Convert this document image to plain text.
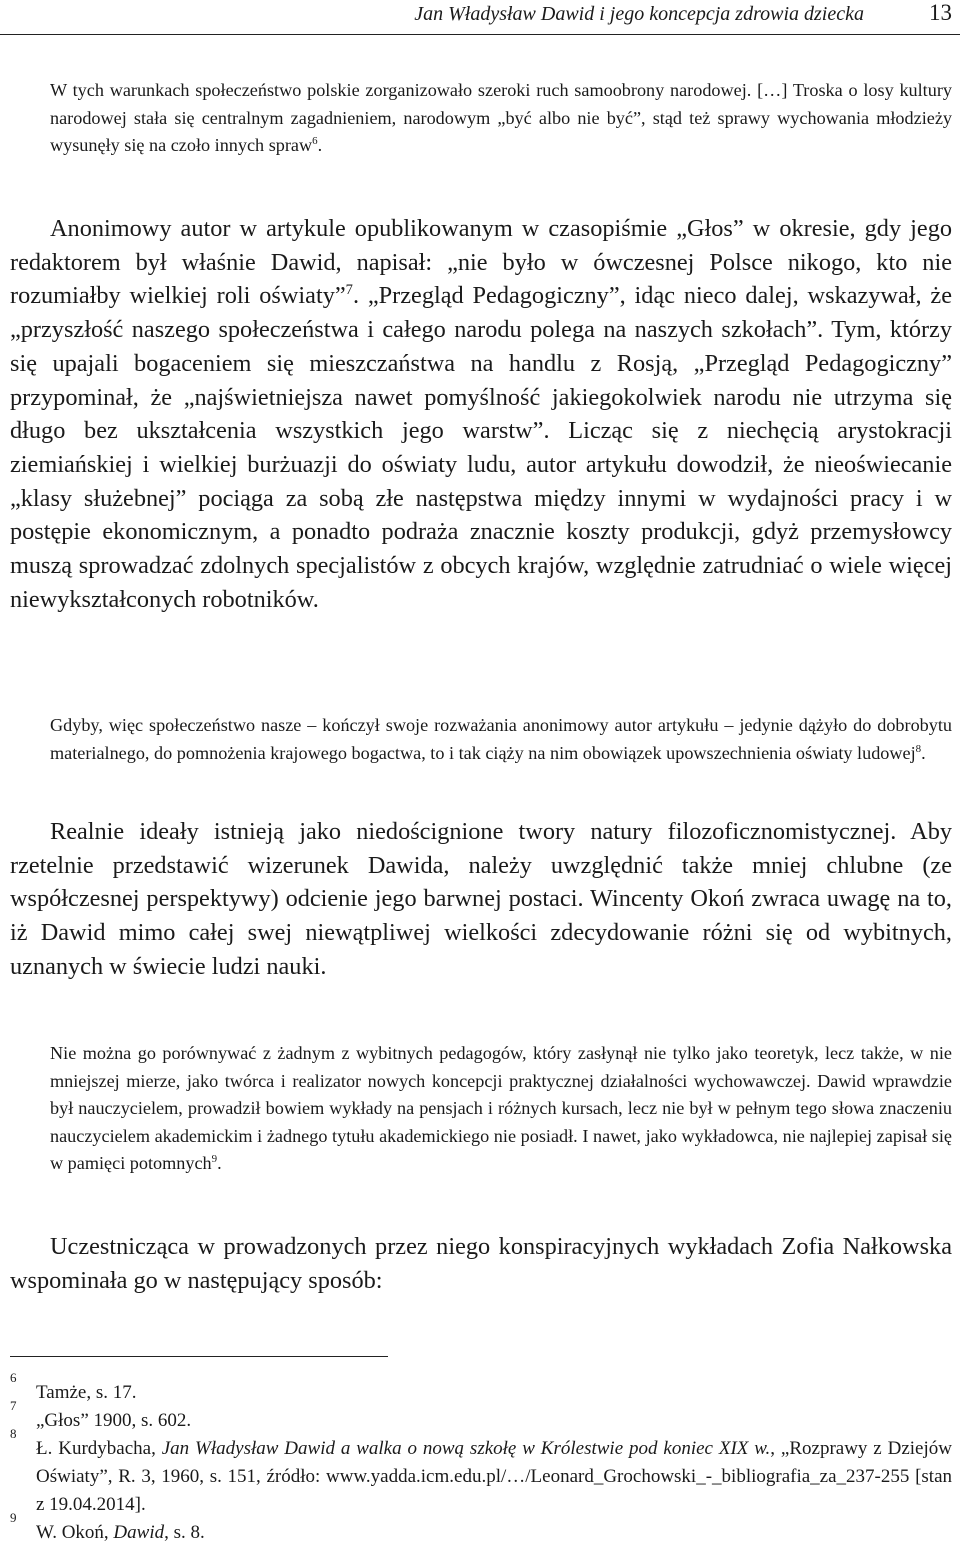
Jan Władysław Dawid i jego koncepcja zdrowia dziecka	13
W tych warunkach społeczeństwo polskie zorganizowało szeroki ruch samoobrony narodowej. […] Troska o losy kultury narodowej stała się centralnym zagadnieniem, narodowym „być albo nie być”, stąd też sprawy wychowania młodzieży wysunęły się na czoło innych spraw$^6$.
Anonimowy autor w artykule opublikowanym w czasopiśmie „Głos” w okresie, gdy jego redaktorem był właśnie Dawid, napisał: „nie było w ówczesnej Polsce nikogo, kto nie rozumiałby wielkiej roli oświaty”$^7$. „Przegląd Pedagogiczny”, idąc nieco dalej, wskazywał, że „przyszłość naszego społeczeństwa i całego narodu polega na naszych szkołach”. Tym, którzy się upajali bogaceniem się mieszczaństwa na handlu z Rosją, „Przegląd Pedagogiczny” przypominał, że „najświetniejsza nawet pomyślność jakiegokolwiek narodu nie utrzyma się długo bez ukształcenia wszystkich jego warstw”. Licząc się z niechęcią arystokracji ziemiańskiej i wielkiej burżuazji do oświaty ludu, autor artykułu dowodził, że nieoświecanie „klasy służebnej” pociąga za sobą złe następstwa między innymi w wydajności pracy i w postępie ekonomicznym, a ponadto podraża znacznie koszty produkcji, gdyż przemysłowcy muszą sprowadzać zdolnych specjalistów z obcych krajów, względnie zatrudniać o wiele więcej niewykształconych robotników.
Gdyby, więc społeczeństwo nasze – kończył swoje rozważania anonimowy autor artykułu – jedynie dążyło do dobrobytu materialnego, do pomnożenia krajowego bogactwa, to i tak ciąży na nim obowiązek upowszechnienia oświaty ludowej$^8$.
Realnie ideały istnieją jako niedoścignione twory natury filozoficznomistycznej. Aby rzetelnie przedstawić wizerunek Dawida, należy uwzględnić także mniej chlubne (ze współczesnej perspektywy) odcienie jego barwnej postaci. Wincenty Okoń zwraca uwagę na to, iż Dawid mimo całej swej niewątpliwej wielkości zdecydowanie różni się od wybitnych, uznanych w świecie ludzi nauki.
Nie można go porównywać z żadnym z wybitnych pedagogów, który zasłynął nie tylko jako teoretyk, lecz także, w nie mniejszej mierze, jako twórca i realizator nowych koncepcji praktycznej działalności wychowawczej. Dawid wprawdzie był nauczycielem, prowadził bowiem wykłady na pensjach i różnych kursach, lecz nie był w pełnym tego słowa znaczeniu nauczycielem akademickim i żadnego tytułu akademickiego nie posiadł. I nawet, jako wykładowca, nie najlepiej zapisał się w pamięci potomnych$^9$.
Uczestnicząca w prowadzonych przez niego konspiracyjnych wykładach Zofia Nałkowska wspominała go w następujący sposób:
6
Tamże, s. 17.
7
„Głos” 1900, s. 602.
8
Ł. Kurdybacha, Jan Władysław Dawid a walka o nową szkołę w Królestwie pod koniec XIX w., „Rozprawy z Dziejów Oświaty”, R. 3, 1960, s. 151, źródło: www.yadda.icm.edu.pl/…/Leonard_Grochowski_-_bibliografia_za_237-255 [stan z 19.04.2014].
9
W. Okoń, Dawid, s. 8.
